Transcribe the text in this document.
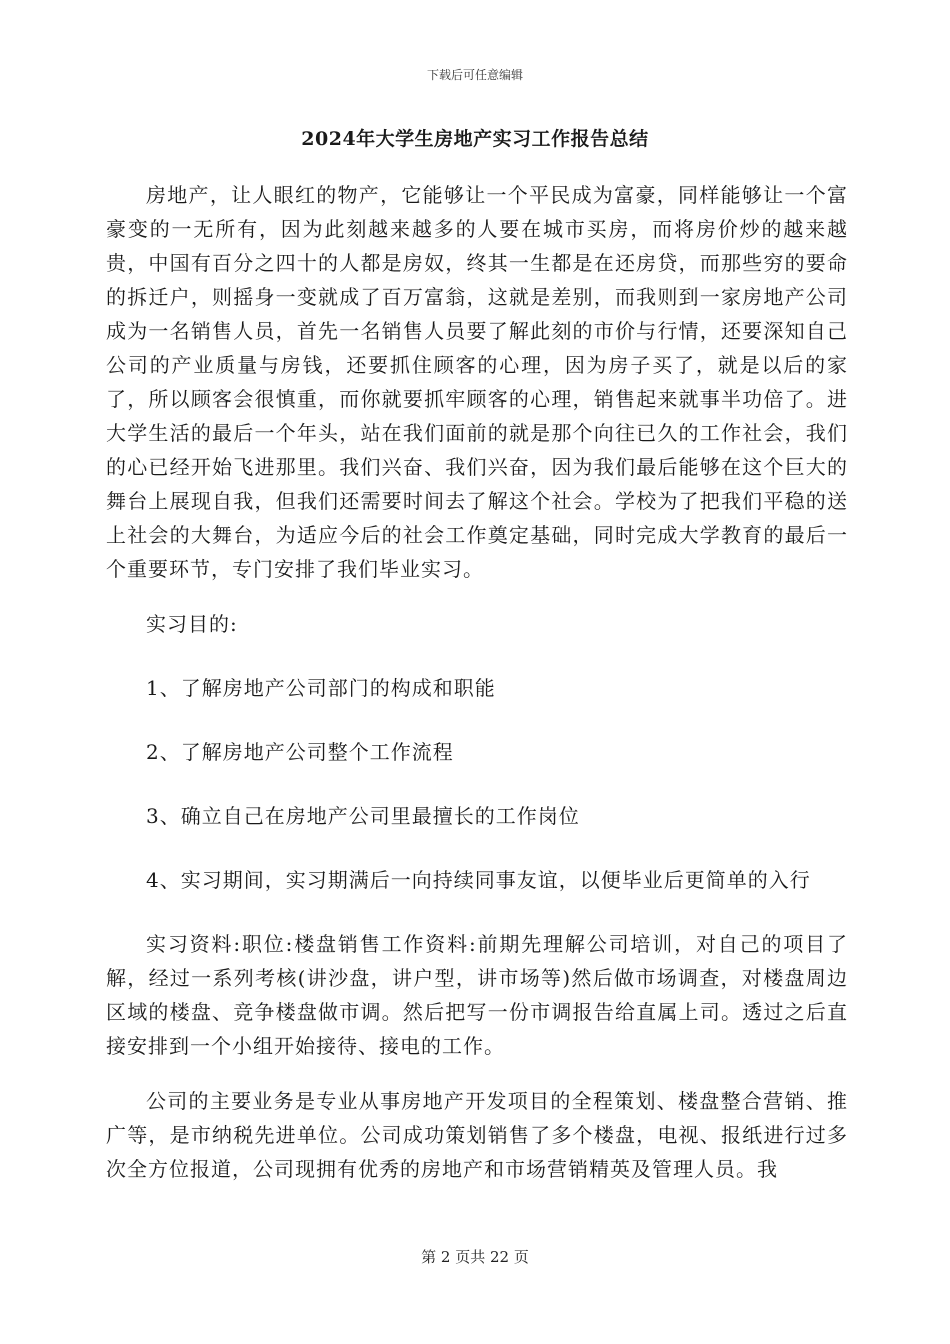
下载后可任意编辑
2024年大学生房地产实习工作报告总结

房地产，让人眼红的物产，它能够让一个平民成为富豪，同样能够让一个富豪变的一无所有，因为此刻越来越多的人要在城市买房，而将房价炒的越来越贵，中国有百分之四十的人都是房奴，终其一生都是在还房贷，而那些穷的要命的拆迁户，则摇身一变就成了百万富翁，这就是差别，而我则到一家房地产公司成为一名销售人员，首先一名销售人员要了解此刻的市价与行情，还要深知自己公司的产业质量与房钱，还要抓住顾客的心理，因为房子买了，就是以后的家了，所以顾客会很慎重，而你就要抓牢顾客的心理，销售起来就事半功倍了。进大学生活的最后一个年头，站在我们面前的就是那个向往已久的工作社会，我们的心已经开始飞进那里。我们兴奋、我们兴奋，因为我们最后能够在这个巨大的舞台上展现自我，但我们还需要时间去了解这个社会。学校为了把我们平稳的送上社会的大舞台，为适应今后的社会工作奠定基础，同时完成大学教育的最后一个重要环节，专门安排了我们毕业实习。

实习目的:

1、了解房地产公司部门的构成和职能

2、了解房地产公司整个工作流程

3、确立自己在房地产公司里最擅长的工作岗位

4、实习期间，实习期满后一向持续同事友谊，以便毕业后更简单的入行

实习资料:职位:楼盘销售工作资料:前期先理解公司培训，对自己的项目了解，经过一系列考核(讲沙盘，讲户型，讲市场等)然后做市场调查，对楼盘周边区域的楼盘、竞争楼盘做市调。然后把写一份市调报告给直属上司。透过之后直接安排到一个小组开始接待、接电的工作。

公司的主要业务是专业从事房地产开发项目的全程策划、楼盘整合营销、推广等，是市纳税先进单位。公司成功策划销售了多个楼盘，电视、报纸进行过多次全方位报道，公司现拥有优秀的房地产和市场营销精英及管理人员。我

第 2 页共 22 页
